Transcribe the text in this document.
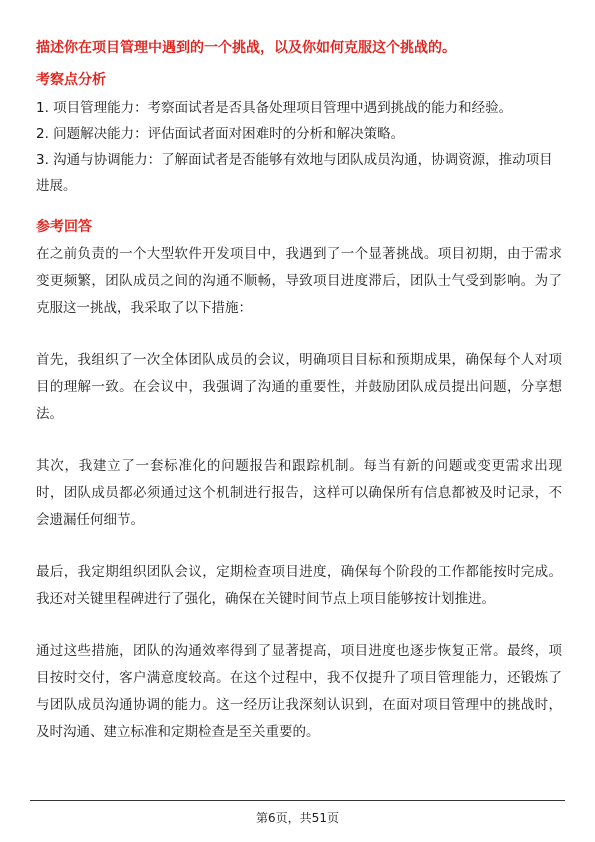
描述你在项目管理中遇到的一个挑战，以及你如何克服这个挑战的。
考察点分析
1. 项目管理能力：考察面试者是否具备处理项目管理中遇到挑战的能力和经验。
2. 问题解决能力：评估面试者面对困难时的分析和解决策略。
3. 沟通与协调能力：了解面试者是否能够有效地与团队成员沟通，协调资源，推动项目进展。
参考回答

在之前负责的一个大型软件开发项目中，我遇到了一个显著挑战。项目初期，由于需求变更频繁，团队成员之间的沟通不顺畅，导致项目进度滞后，团队士气受到影响。为了克服这一挑战，我采取了以下措施：

首先，我组织了一次全体团队成员的会议，明确项目目标和预期成果，确保每个人对项目的理解一致。在会议中，我强调了沟通的重要性，并鼓励团队成员提出问题，分享想法。

其次，我建立了一套标准化的问题报告和跟踪机制。每当有新的问题或变更需求出现时，团队成员都必须通过这个机制进行报告，这样可以确保所有信息都被及时记录，不会遗漏任何细节。

最后，我定期组织团队会议，定期检查项目进度，确保每个阶段的工作都能按时完成。我还对关键里程碑进行了强化，确保在关键时间节点上项目能够按计划推进。

通过这些措施，团队的沟通效率得到了显著提高，项目进度也逐步恢复正常。最终，项目按时交付，客户满意度较高。在这个过程中，我不仅提升了项目管理能力，还锻炼了与团队成员沟通协调的能力。这一经历让我深刻认识到，在面对项目管理中的挑战时，及时沟通、建立标准和定期检查是至关重要的。

第6页，共51页
